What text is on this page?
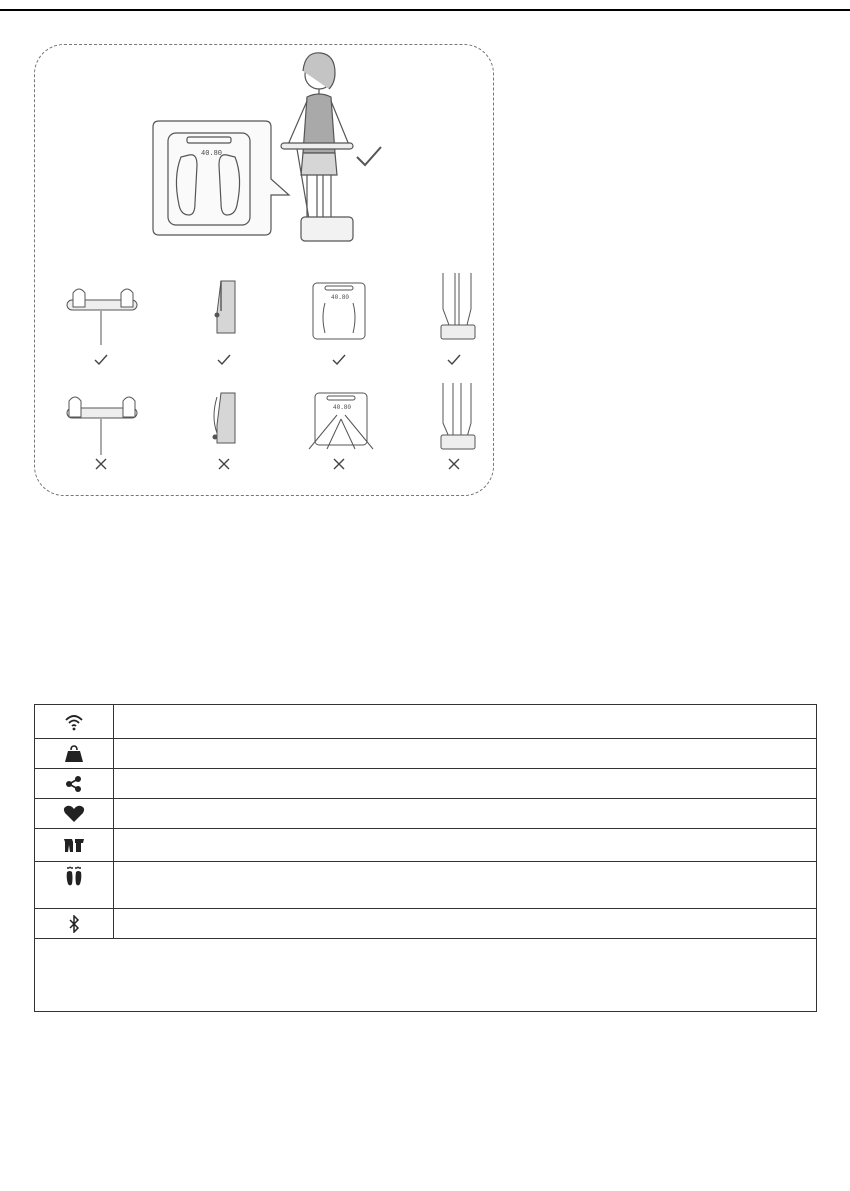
40.80
40.80
40.80
